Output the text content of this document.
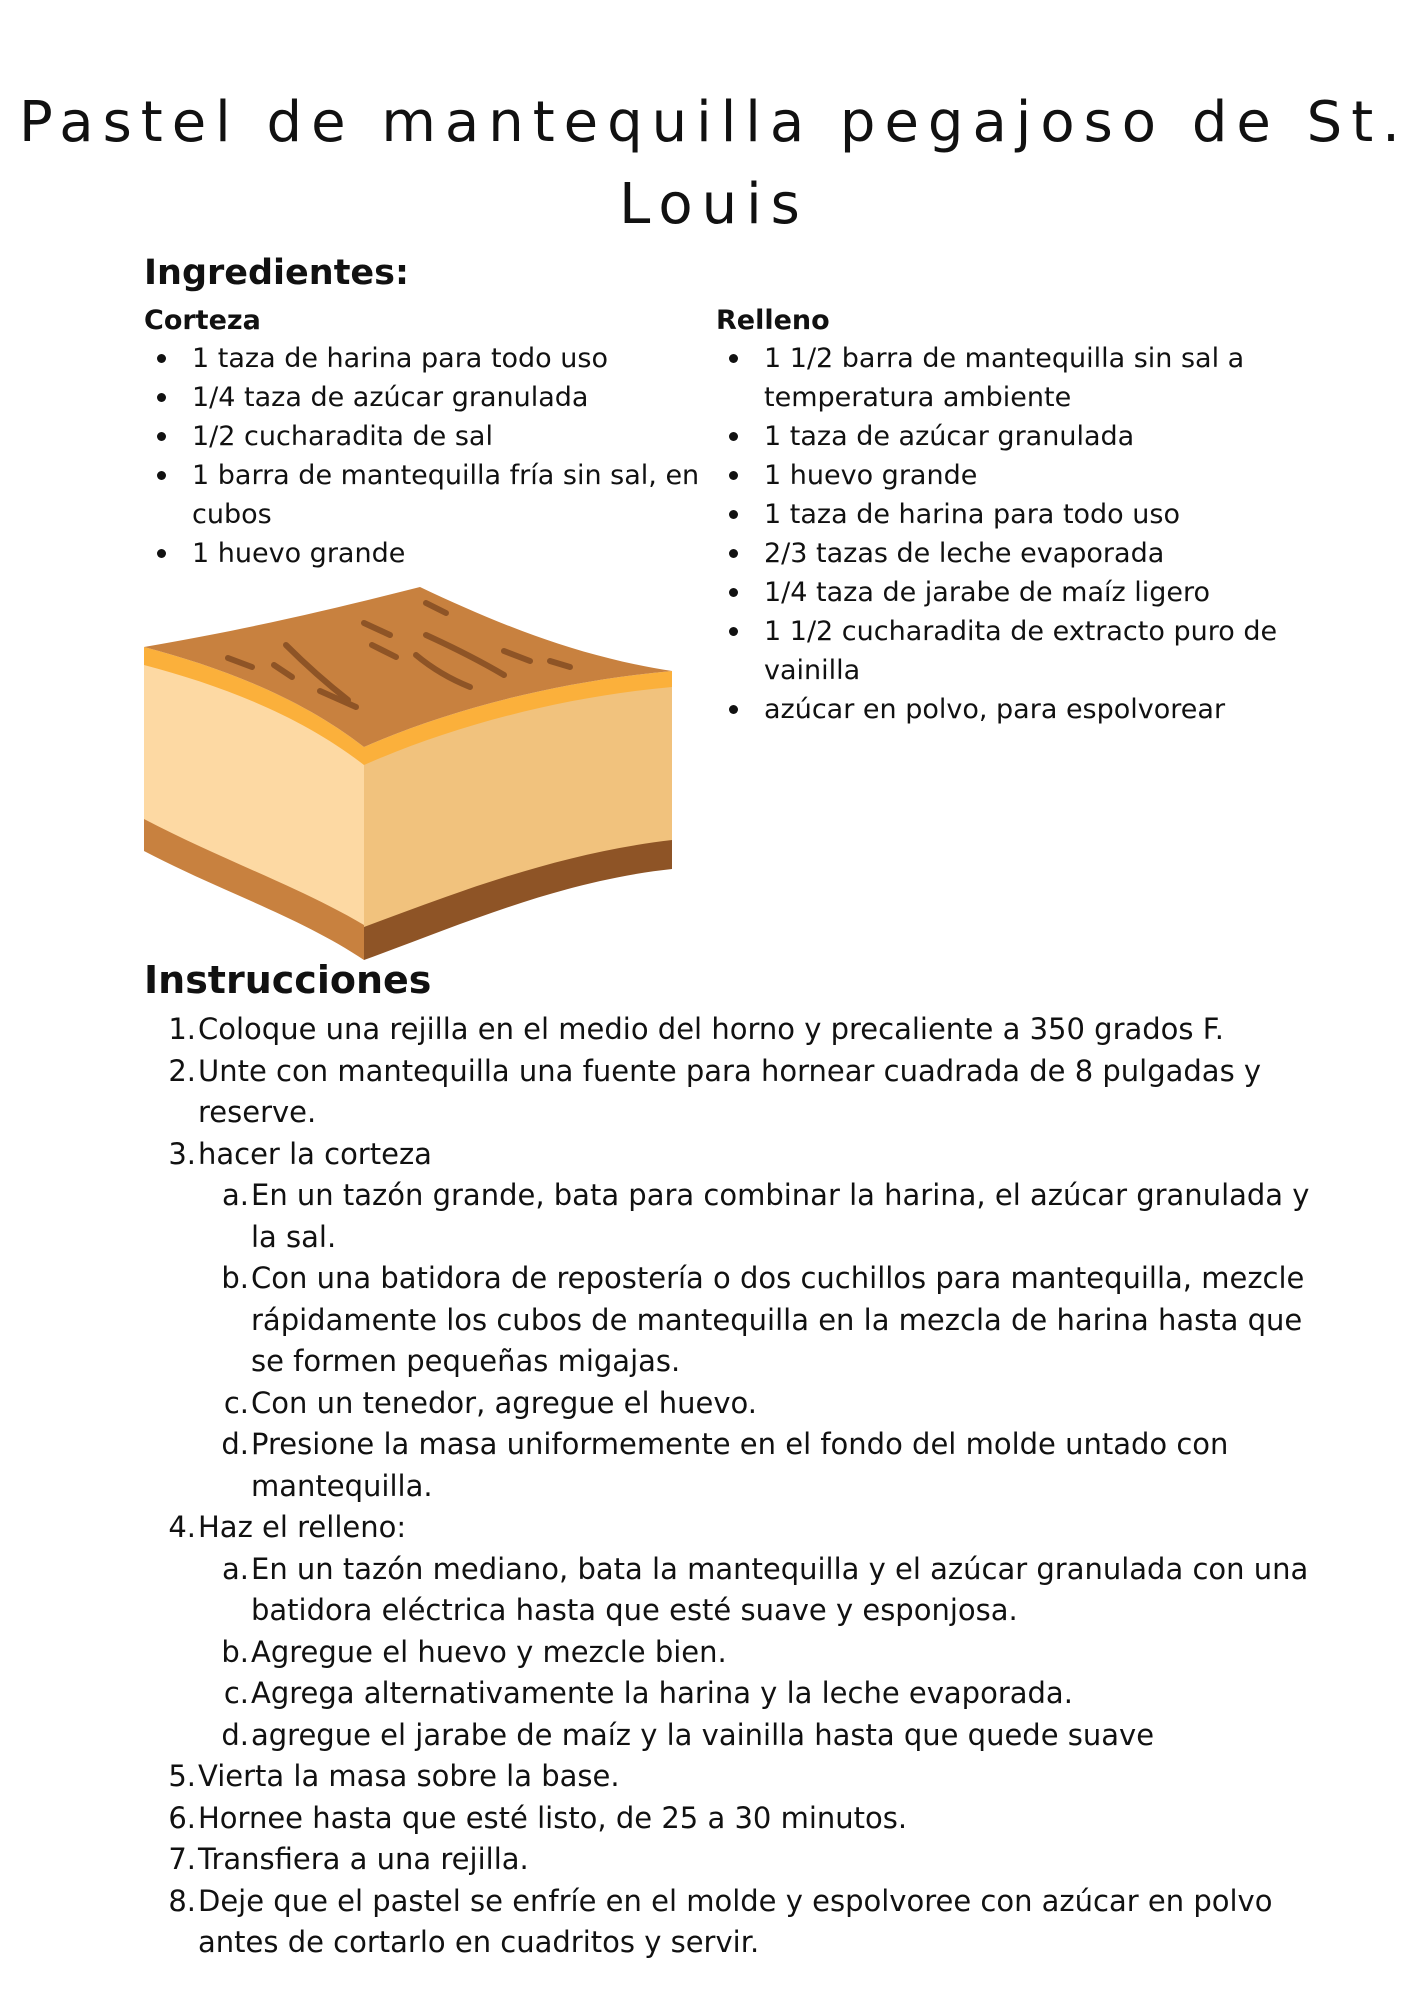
Pastel de mantequilla pegajoso de St. Louis
Ingredientes:
Corteza
1 taza de harina para todo uso
1/4 taza de azúcar granulada
1/2 cucharadita de sal
1 barra de mantequilla fría sin sal, en cubos
1 huevo grande
Relleno
1 1/2 barra de mantequilla sin sal a temperatura ambiente
1 taza de azúcar granulada
1 huevo grande
1 taza de harina para todo uso
2/3 tazas de leche evaporada
1/4 taza de jarabe de maíz ligero
1 1/2 cucharadita de extracto puro de vainilla
azúcar en polvo, para espolvorear
Instrucciones
1. Coloque una rejilla en el medio del horno y precaliente a 350 grados F.
2. Unte con mantequilla una fuente para hornear cuadrada de 8 pulgadas y reserve.
3. hacer la corteza
a. En un tazón grande, bata para combinar la harina, el azúcar granulada y la sal.
b. Con una batidora de repostería o dos cuchillos para mantequilla, mezcle rápidamente los cubos de mantequilla en la mezcla de harina hasta que se formen pequeñas migajas.
c. Con un tenedor, agregue el huevo.
d. Presione la masa uniformemente en el fondo del molde untado con mantequilla.
4. Haz el relleno:
a. En un tazón mediano, bata la mantequilla y el azúcar granulada con una batidora eléctrica hasta que esté suave y esponjosa.
b. Agregue el huevo y mezcle bien.
c. Agrega alternativamente la harina y la leche evaporada.
d. agregue el jarabe de maíz y la vainilla hasta que quede suave
5. Vierta la masa sobre la base.
6. Hornee hasta que esté listo, de 25 a 30 minutos.
7. Transfiera a una rejilla.
8. Deje que el pastel se enfríe en el molde y espolvoree con azúcar en polvo antes de cortarlo en cuadritos y servir.
